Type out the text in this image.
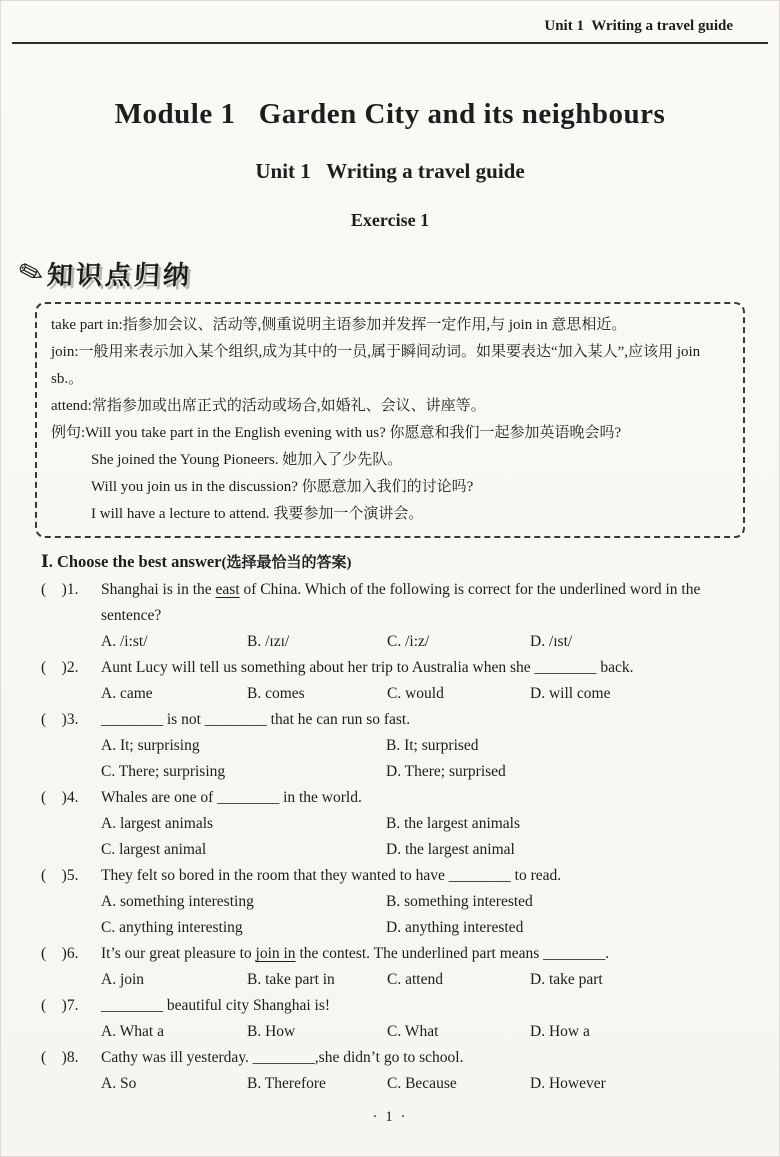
Unit 1  Writing a travel guide
Module 1   Garden City and its neighbours
Unit 1   Writing a travel guide
Exercise 1
✎
知识点归纳

take part in:指参加会议、活动等,侧重说明主语参加并发挥一定作用,与 join in 意思相近。

join:一般用来表示加入某个组织,成为其中的一员,属于瞬间动词。如果要表达“加入某人”,应该用 join sb.。

attend:常指参加或出席正式的活动或场合,如婚礼、会议、讲座等。

例句:Will you take part in the English evening with us? 你愿意和我们一起参加英语晚会吗?

She joined the Young Pioneers. 她加入了少先队。

Will you join us in the discussion? 你愿意加入我们的讨论吗?

I will have a lecture to attend. 我要参加一个演讲会。

Ⅰ. Choose the best answer(选择最恰当的答案)
(    )1.	Shanghai is in the east of China. Which of the following is correct for the underlined word in the sentence?

A. /i:st/	B. /ɪzɪ/	C. /i:z/	D. /ɪst/
(    )2.	Aunt Lucy will tell us something about her trip to Australia when she ________ back.

A. came	B. comes	C. would	D. will come
(    )3.	________ is not ________ that he can run so fast.

A. It; surprising	B. It; surprised
C. There; surprising	D. There; surprised
(    )4.	Whales are one of ________ in the world.

A. largest animals	B. the largest animals
C. largest animal	D. the largest animal
(    )5.	They felt so bored in the room that they wanted to have ________ to read.

A. something interesting	B. something interested
C. anything interesting	D. anything interested
(    )6.	It’s our great pleasure to join in the contest. The underlined part means ________.

A. join	B. take part in	C. attend	D. take part
(    )7.	________ beautiful city Shanghai is!

A. What a	B. How	C. What	D. How a
(    )8.	Cathy was ill yesterday. ________,she didn’t go to school.

A. So	B. Therefore	C. Because	D. However
· 1 ·
